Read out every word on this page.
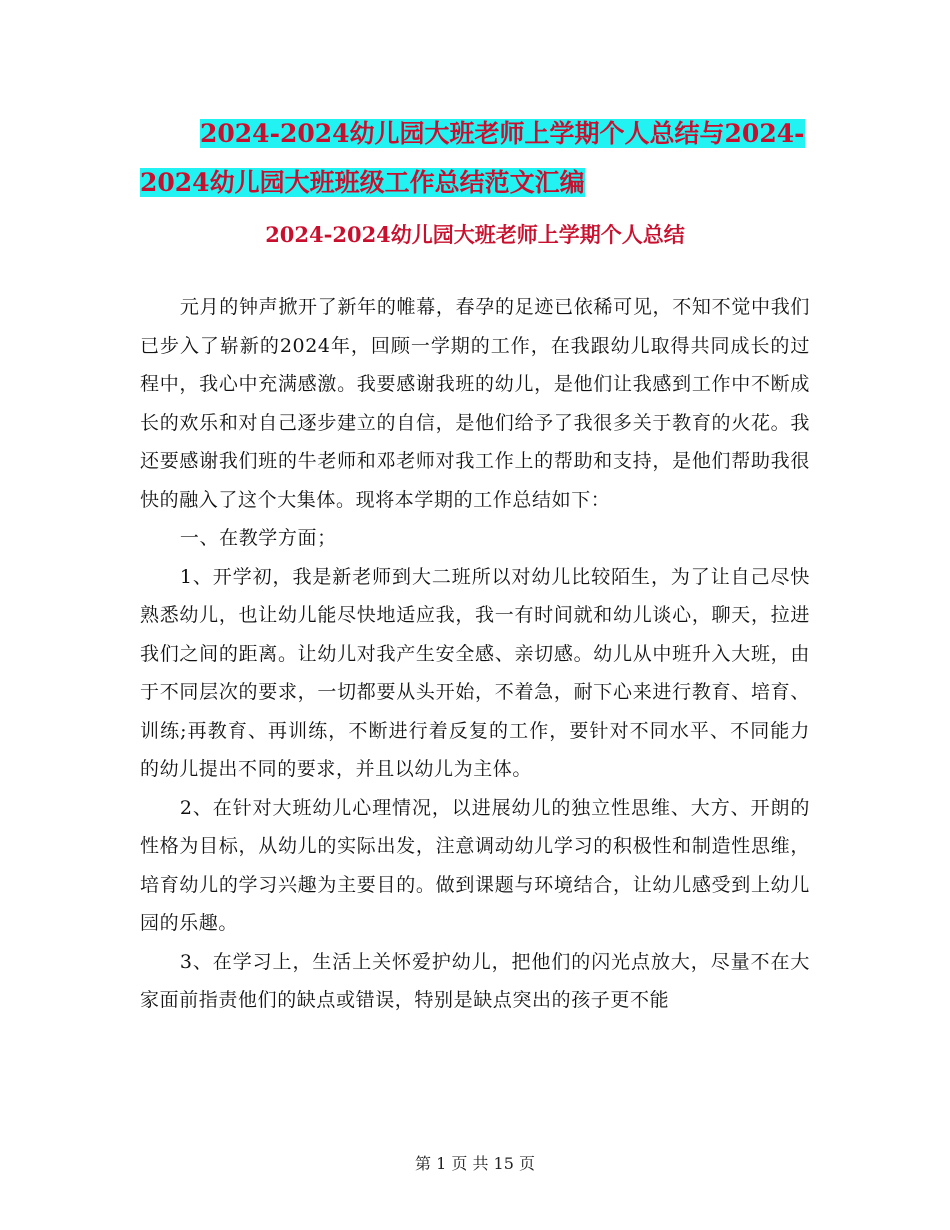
2024-2024幼儿园大班老师上学期个人总结与2024-
2024幼儿园大班班级工作总结范文汇编
2024-2024幼儿园大班老师上学期个人总结

元月的钟声掀开了新年的帷幕，春孕的足迹已依稀可见，不知不觉中我们已步入了崭新的2024年，回顾一学期的工作，在我跟幼儿取得共同成长的过程中，我心中充满感激。我要感谢我班的幼儿，是他们让我感到工作中不断成长的欢乐和对自己逐步建立的自信，是他们给予了我很多关于教育的火花。我还要感谢我们班的牛老师和邓老师对我工作上的帮助和支持，是他们帮助我很快的融入了这个大集体。现将本学期的工作总结如下：

一、在教学方面；

1、开学初，我是新老师到大二班所以对幼儿比较陌生，为了让自己尽快熟悉幼儿，也让幼儿能尽快地适应我，我一有时间就和幼儿谈心，聊天，拉进我们之间的距离。让幼儿对我产生安全感、亲切感。幼儿从中班升入大班，由于不同层次的要求，一切都要从头开始，不着急，耐下心来进行教育、培育、训练;再教育、再训练，不断进行着反复的工作，要针对不同水平、不同能力的幼儿提出不同的要求，并且以幼儿为主体。

2、在针对大班幼儿心理情况，以进展幼儿的独立性思维、大方、开朗的性格为目标，从幼儿的实际出发，注意调动幼儿学习的积极性和制造性思维，培育幼儿的学习兴趣为主要目的。做到课题与环境结合，让幼儿感受到上幼儿园的乐趣。

3、在学习上，生活上关怀爱护幼儿，把他们的闪光点放大，尽量不在大家面前指责他们的缺点或错误，特别是缺点突出的孩子更不能

第 1 页 共 15 页
